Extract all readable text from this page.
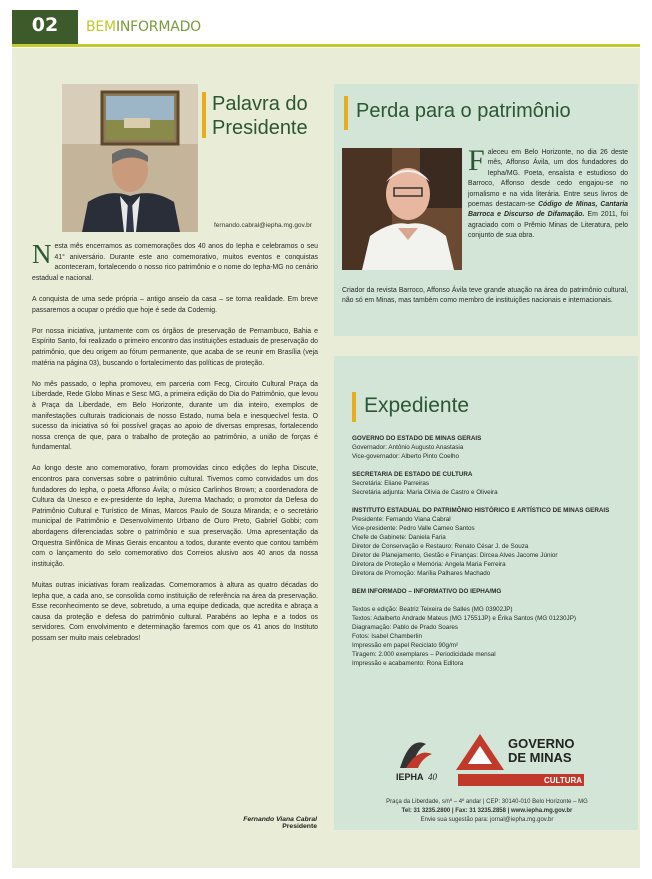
02	BEMINFORMADO
Palavra do
Presidente
fernando.cabral@iepha.mg.gov.br

Nesta mês encerramos as comemorações dos 40 anos do Iepha e celebramos o seu 41° aniversário. Durante este ano comemorativo, muitos eventos e conquistas aconteceram, fortalecendo o nosso rico patrimônio e o nome do Iepha-MG no cenário estadual e nacional.

A conquista de uma sede própria – antigo anseio da casa – se torna realidade. Em breve passaremos a ocupar o prédio que hoje é sede da Codemig.

Por nossa iniciativa, juntamente com os órgãos de preservação de Pernambuco, Bahia e Espírito Santo, foi realizado o primeiro encontro das instituições estaduais de preservação do patrimônio, que deu origem ao fórum permanente, que acaba de se reunir em Brasília (veja matéria na página 03), buscando o fortalecimento das políticas de proteção.

No mês passado, o Iepha promoveu, em parceria com Fecg, Circuito Cultural Praça da Liberdade, Rede Globo Minas e Sesc MG, a primeira edição do Dia do Patrimônio, que levou à Praça da Liberdade, em Belo Horizonte, durante um dia inteiro, exemplos de manifestações culturais tradicionais de nosso Estado, numa bela e inesquecível festa. O sucesso da iniciativa só foi possível graças ao apoio de diversas empresas, fortalecendo nossa crença de que, para o trabalho de proteção ao patrimônio, a união de forças é fundamental.

Ao longo deste ano comemorativo, foram promovidas cinco edições do Iepha Discute, encontros para conversas sobre o patrimônio cultural. Tivemos como convidados um dos fundadores do Iepha, o poeta Affonso Ávila; o músico Carlinhos Brown; a coordenadora de Cultura da Unesco e ex-presidente do Iepha, Jurema Machado; o promotor da Defesa do Patrimônio Cultural e Turístico de Minas, Marcos Paulo de Souza Miranda; e o secretário municipal de Patrimônio e Desenvolvimento Urbano de Ouro Preto, Gabriel Gobbi; com abordagens diferenciadas sobre o patrimônio e sua preservação. Uma apresentação da Orquestra Sinfônica de Minas Gerais encantou a todos, durante evento que contou também com o lançamento do selo comemorativo dos Correios alusivo aos 40 anos da nossa instituição.

Muitas outras iniciativas foram realizadas. Comemoramos à altura as quatro décadas do Iepha que, a cada ano, se consolida como instituição de referência na área da preservação. Esse reconhecimento se deve, sobretudo, a uma equipe dedicada, que acredita e abraça a causa da proteção e defesa do patrimônio cultural. Parabéns ao Iepha e a todos os servidores. Com envolvimento e determinação faremos com que os 41 anos do Instituto possam ser muito mais celebrados!

Fernando Viana Cabral
Presidente
Perda para o patrimônio
Faleceu em Belo Horizonte, no dia 26 deste mês, Affonso Ávila, um dos fundadores do Iepha/MG. Poeta, ensaísta e estudioso do Barroco, Affonso desde cedo engajou-se no jornalismo e na vida literária. Entre seus livros de poemas destacam-se Código de Minas, Cantaria Barroca e Discurso de Difamação. Em 2011, foi agraciado com o Prêmio Minas de Literatura, pelo conjunto de sua obra.
Criador da revista Barroco, Affonso Ávila teve grande atuação na área do patrimônio cultural, não só em Minas, mas também como membro de instituições nacionais e internacionais.
Expediente
GOVERNO DO ESTADO DE MINAS GERAIS
Governador: Antônio Augusto Anastasia
Vice-governador: Alberto Pinto Coelho
SECRETARIA DE ESTADO DE CULTURA
Secretária: Eliane Parreiras
Secretária adjunta: Maria Olívia de Castro e Oliveira
INSTITUTO ESTADUAL DO PATRIMÔNIO HISTÓRICO E ARTÍSTICO DE MINAS GERAIS
Presidente: Fernando Viana Cabral
Vice-presidente: Pedro Valle Cameo Santos
Chefe de Gabinete: Daniela Faria
Diretor de Conservação e Restauro: Renato César J. de Souza
Diretor de Planejamento, Gestão e Finanças: Dircea Alves Jacome Júnior
Diretora de Proteção e Memória: Angela Maria Ferreira
Diretora de Promoção: Marília Palhares Machado
BEM INFORMADO – INFORMATIVO DO IEPHA/MG
Textos e edição: Beatriz Teixeira de Salles (MG 03902JP)
Textos: Adalberto Andrade Mateus (MG 17551JP) e Érika Santos (MG 01230JP)
Diagramação: Pablo de Prado Soares
Fotos: Isabel Chamberlin
Impressão em papel Reciclato 90g/m²
Tiragem: 2.000 exemplares – Periodicidade mensal
Impressão e acabamento: Rona Editora
IEPHA 40
GOVERNO
DE MINAS
CULTURA
Praça da Liberdade, s/nº – 4º andar | CEP: 30140-010 Belo Horizonte – MG
Tel: 31 3235.2800 | Fax: 31 3235.2858 | www.iepha.mg.gov.br
Envie sua sugestão para: jornal@iepha.mg.gov.br
